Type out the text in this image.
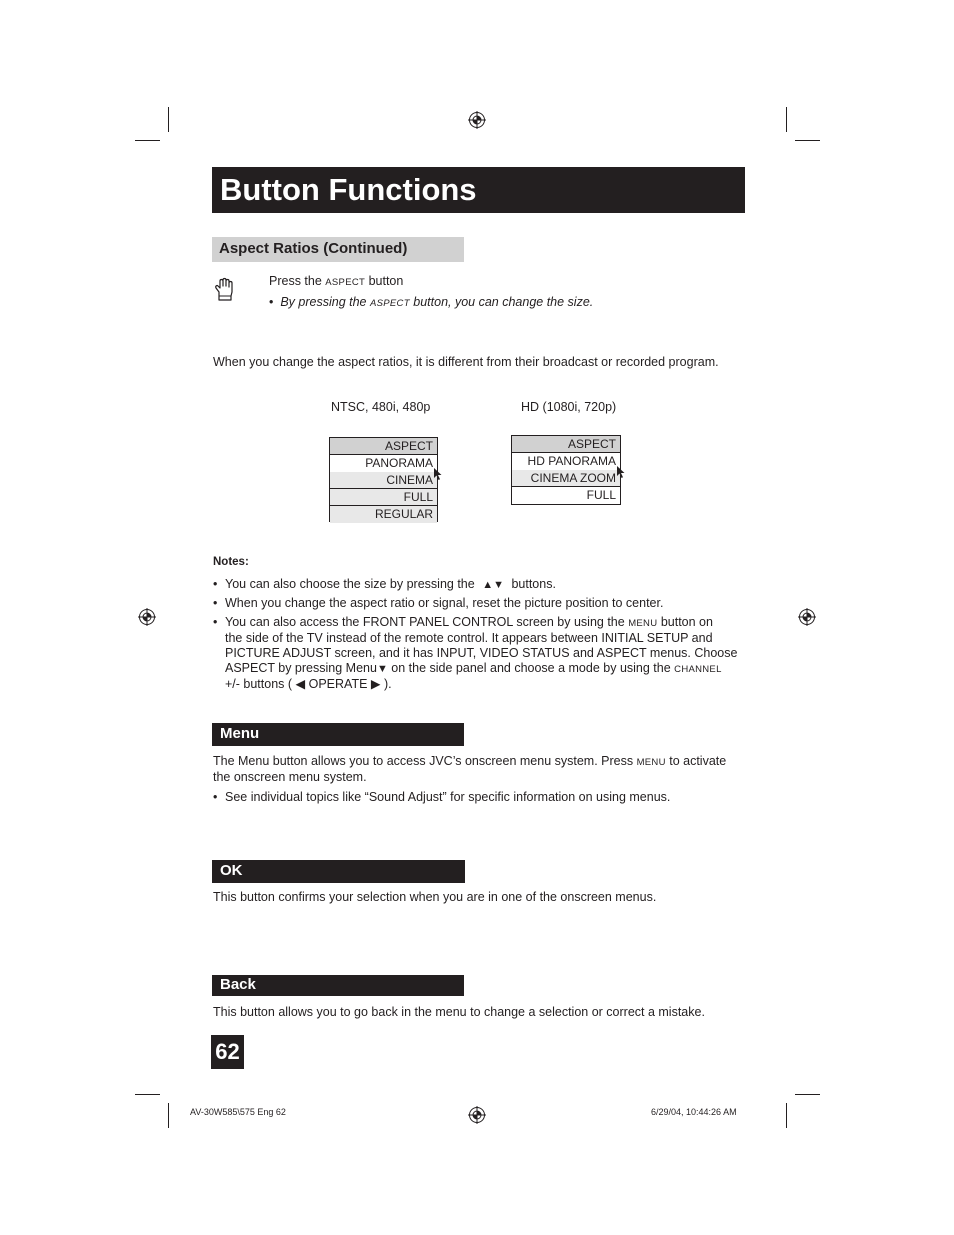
Button Functions
Aspect Ratios (Continued)
Press the ASPECT button
• By pressing the ASPECT button, you can change the size.
When you change the aspect ratios, it is different from their broadcast or recorded program.
NTSC, 480i, 480p	HD (1080i, 720p)
ASPECT
PANORAMA
CINEMA
FULL
REGULAR
ASPECT
HD PANORAMA
CINEMA ZOOM
FULL
Notes:
• You can also choose the size by pressing the ▲▼ buttons.
• When you change the aspect ratio or signal, reset the picture position to center.
• You can also access the FRONT PANEL CONTROL screen by using the MENU button on
the side of the TV instead of the remote control. It appears between INITIAL SETUP and
PICTURE ADJUST screen, and it has INPUT, VIDEO STATUS and ASPECT menus. Choose
ASPECT by pressing Menu▼ on the side panel and choose a mode by using the CHANNEL
+/- buttons ( ◀ OPERATE ▶ ).
Menu
The Menu button allows you to access JVC’s onscreen menu system. Press MENU to activate
the onscreen menu system.
• See individual topics like “Sound Adjust” for specific information on using menus.
OK
This button confirms your selection when you are in one of the onscreen menus.
Back
This button allows you to go back in the menu to change a selection or correct a mistake.
62
AV-30W585\575 Eng 62	6/29/04, 10:44:26 AM
